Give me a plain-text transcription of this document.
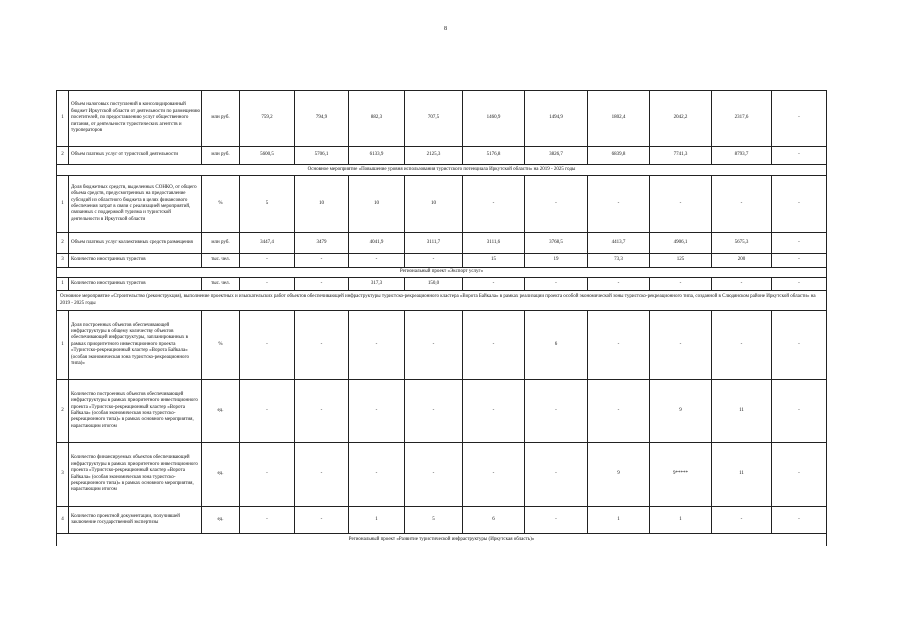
8
1	Объем налоговых поступлений в консолидированный бюджет Иркутской области от деятельности по размещению посетителей, по предоставлению услуг общественного питания, от деятельности туристических агентств и туроператоров	млн руб.	759,2	794,9	882,3	707,5	1460,9	1494,9	1802,4	2042,2	2317,6	-
2	Объем платных услуг от туристской деятельности	млн руб.	5600,5	5706,1	6133,9	2125,3	5176,8	3826,7	6839,8	7741,3	8793,7	-
Основное мероприятие «Повышение уровня использования туристского потенциала Иркутской области» на 2019 - 2025 годы												
1	Доля бюджетных средств, выделенных СОНКО, от общего объема средств, предусмотренных на предоставление субсидий из областного бюджета в целях финансового обеспечения затрат в связи с реализацией мероприятий, связанных с поддержкой туризма и туристской деятельности в Иркутской области	%	5	10	10	10	-	-	-	-	-	-
2	Объем платных услуг коллективных средств размещения	млн руб.	3447,4	3479	4041,9	3111,7	3111,6	3768,5	4413,7	4906,1	5675,3	-
3	Количество иностранных туристов	тыс. чел.	-	-	-	-	15	19	73,3	125	200	-
Региональный проект «Экспорт услуг»												
1	Количество иностранных туристов	тыс. чел.	-	-	317,3	150,0	-	-	-	-	-	-
Основное мероприятие «Строительство (реконструкция), выполнение проектных и изыскательских работ объектов обеспечивающей инфраструктуры туристско-рекреационного кластера «Ворота Байкала» в рамках реализации проекта особой экономической зоны туристско-рекреационного типа, созданной в Слюдянском районе Иркутской области» на 2019 - 2025 годы												
1	Доля построенных объектов обеспечивающей инфраструктуры в общему количеству объектов обеспечивающей инфраструктуры, запланированных в рамках приоритетного инвестиционного проекта «Туристско-рекреационный кластер «Ворота Байкала» (особая экономическая зона туристско-рекреационного типа)»	%	-	-	-	-	-	6	-	-	-	-
2	Количество построенных объектов обеспечивающей инфраструктуры в рамках приоритетного инвестиционного проекта «Туристско-рекреационный кластер «Ворота Байкала» (особая экономическая зона туристско-рекреационного типа)» в рамках основного мероприятия, нарастающим итогом	ед.	-	-	-	-	-	-	-	9	11	-
3	Количество финансируемых объектов обеспечивающей инфраструктуры в рамках приоритетного инвестиционного проекта «Туристско-рекреационный кластер «Ворота Байкала» (особая экономическая зона туристско-рекреационного типа)» в рамках основного мероприятия, нарастающим итогом	ед.	-	-	-	-	-	-	9	9*****	11	-
4	Количество проектной документации, получившей заключение государственной экспертизы	ед.	-	-	1	5	6	-	1	1	-	-
Региональный проект «Развитие туристической инфраструктуры (Иркутская область)»												
